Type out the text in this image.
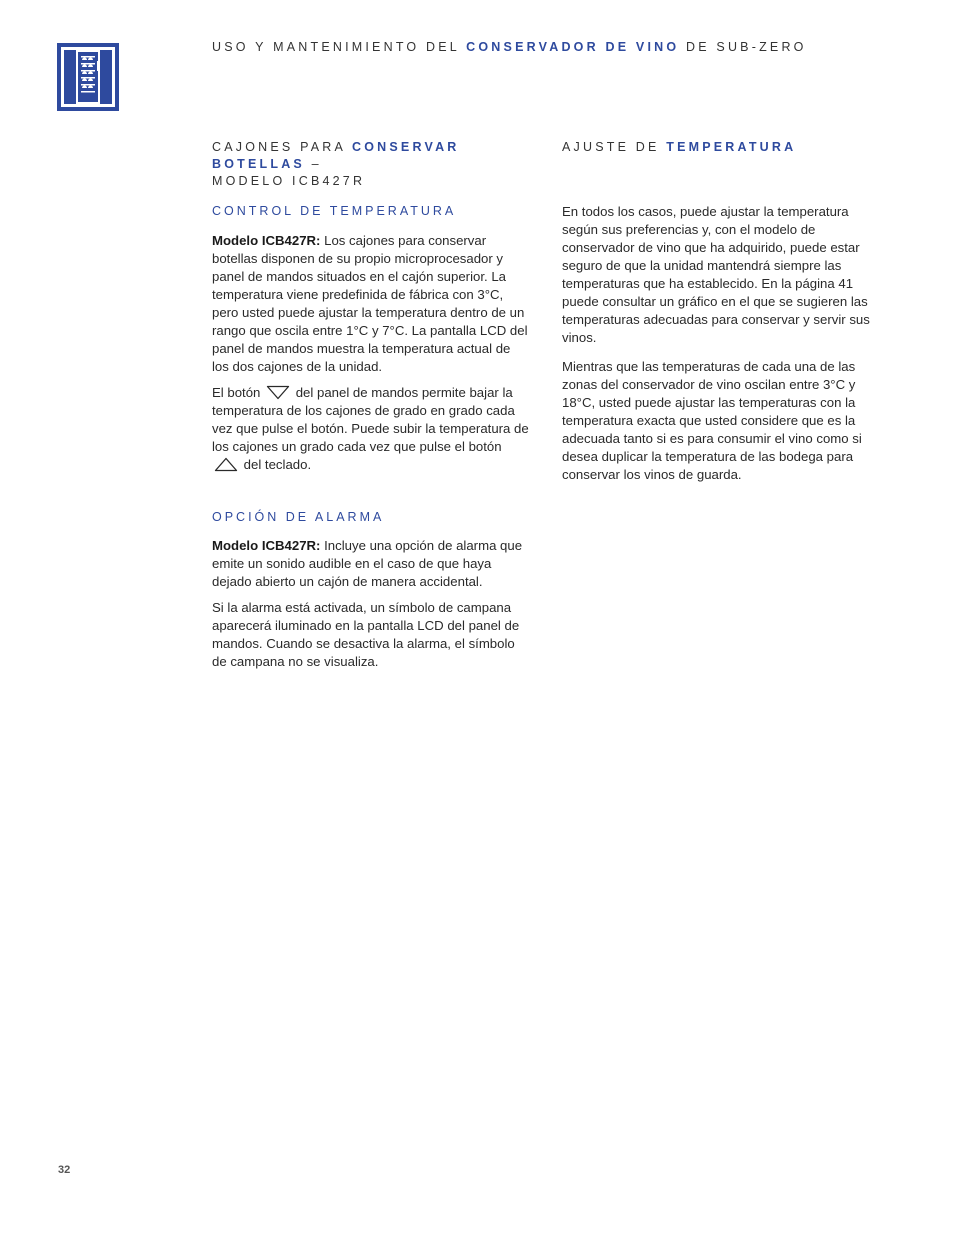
USO Y MANTENIMIENTO DEL CONSERVADOR DE VINO DE SUB-ZERO
CAJONES PARA CONSERVAR
BOTELLAS –
MODELO ICB427R
CONTROL DE TEMPERATURA

Modelo ICB427R: Los cajones para conservar botellas disponen de su propio microprocesador y panel de mandos situados en el cajón superior. La temperatura viene predefinida de fábrica con 3°C, pero usted puede ajustar la temperatura dentro de un rango que oscila entre 1°C y 7°C. La pantalla LCD del panel de mandos muestra la temperatura actual de los dos cajones de la unidad.

El botón  del panel de mandos permite bajar la temperatura de los cajones de grado en grado cada vez que pulse el botón. Puede subir la temperatura de los cajones un grado cada vez que pulse el botón  del teclado.

OPCIÓN DE ALARMA

Modelo ICB427R: Incluye una opción de alarma que emite un sonido audible en el caso de que haya dejado abierto un cajón de manera accidental.

Si la alarma está activada, un símbolo de campana aparecerá iluminado en la pantalla LCD del panel de mandos. Cuando se desactiva la alarma, el símbolo de campana no se visualiza.

AJUSTE DE TEMPERATURA

En todos los casos, puede ajustar la temperatura según sus preferencias y, con el modelo de conservador de vino que ha adquirido, puede estar seguro de que la unidad mantendrá siempre las temperaturas que ha establecido. En la página 41 puede consultar un gráfico en el que se sugieren las temperaturas adecuadas para conservar y servir sus vinos.

Mientras que las temperaturas de cada una de las zonas del conservador de vino oscilan entre 3°C y 18°C, usted puede ajustar las temperaturas con la temperatura exacta que usted considere que es la adecuada tanto si es para consumir el vino como si desea duplicar la temperatura de las bodega para conservar los vinos de guarda.

32
